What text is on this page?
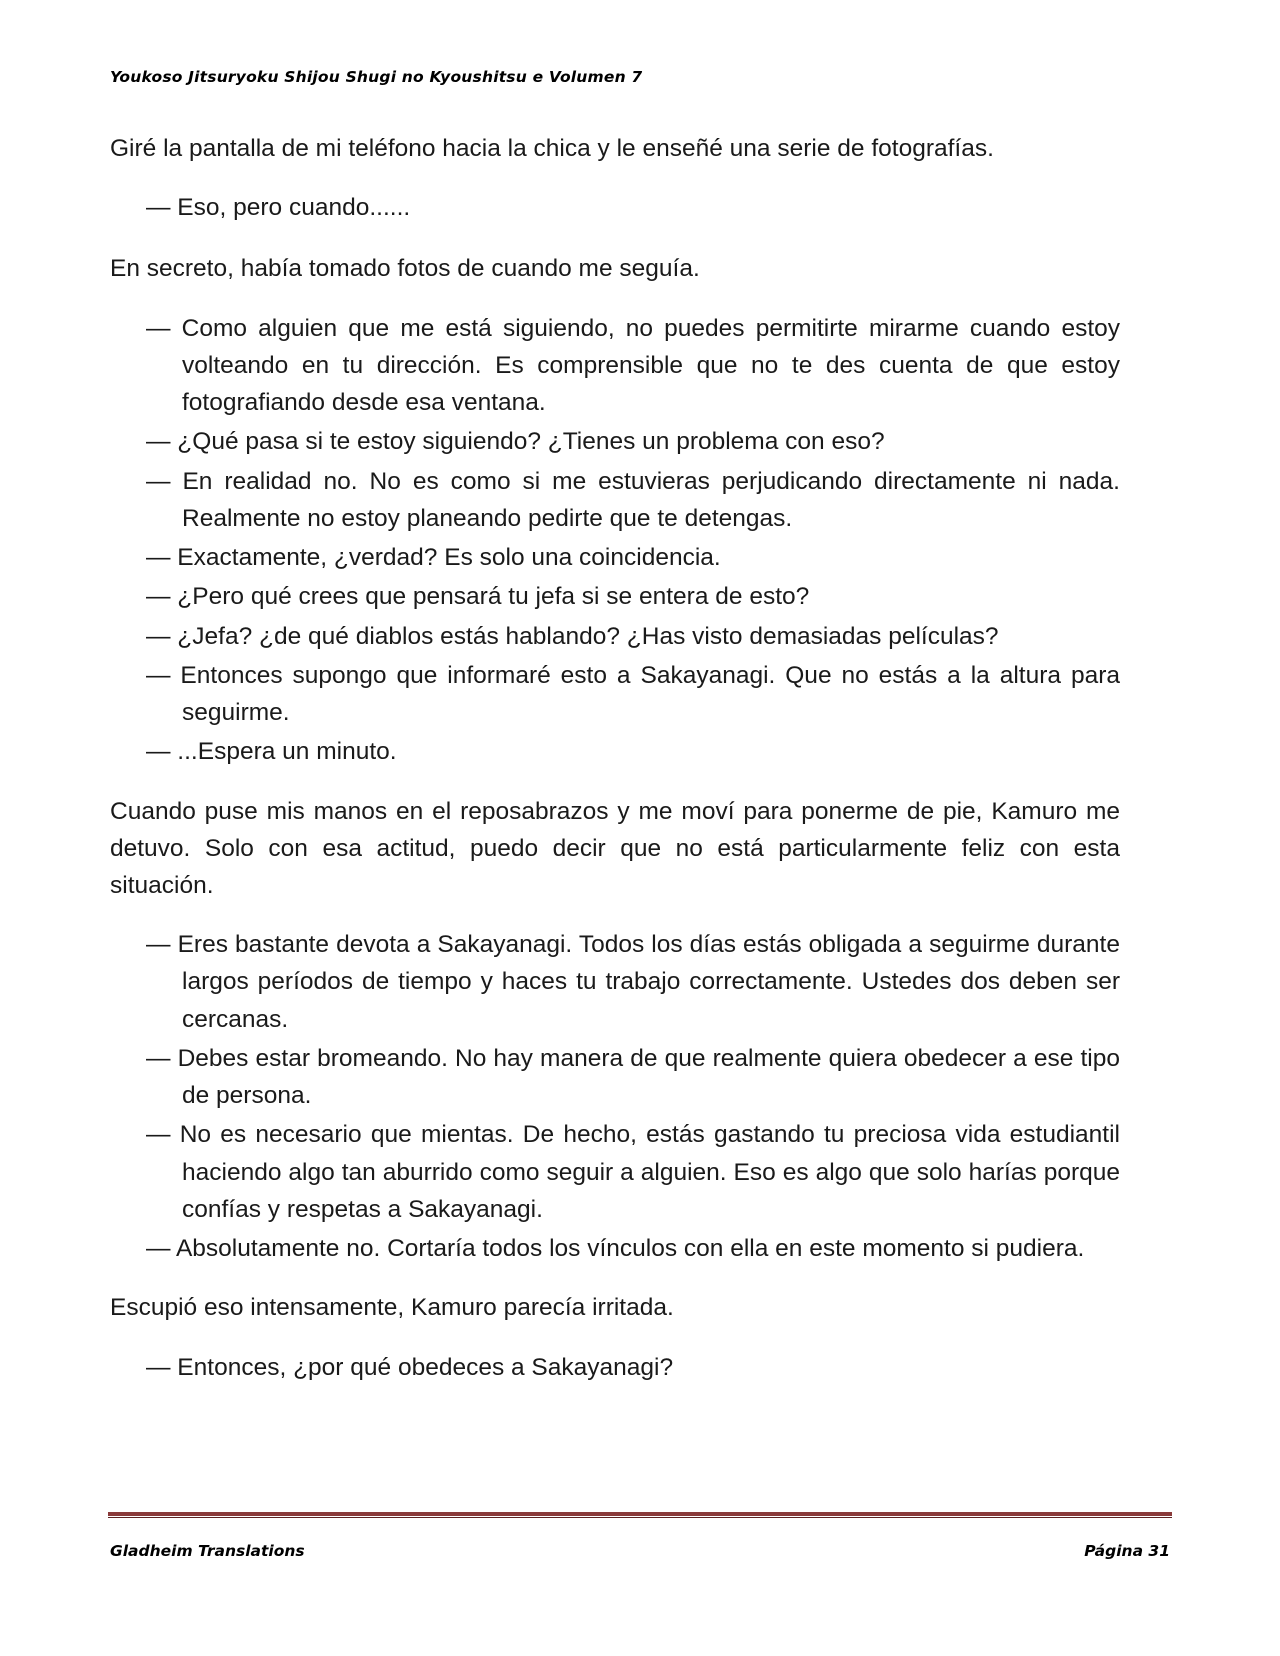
Youkoso Jitsuryoku Shijou Shugi no Kyoushitsu e Volumen 7

Giré la pantalla de mi teléfono hacia la chica y le enseñé una serie de fotografías.

— Eso, pero cuando......

En secreto, había tomado fotos de cuando me seguía.

— Como alguien que me está siguiendo, no puedes permitirte mirarme cuando estoy volteando en tu dirección. Es comprensible que no te des cuenta de que estoy fotografiando desde esa ventana.
— ¿Qué pasa si te estoy siguiendo? ¿Tienes un problema con eso?
— En realidad no. No es como si me estuvieras perjudicando directamente ni nada. Realmente no estoy planeando pedirte que te detengas.
— Exactamente, ¿verdad? Es solo una coincidencia.
— ¿Pero qué crees que pensará tu jefa si se entera de esto?
— ¿Jefa? ¿de qué diablos estás hablando? ¿Has visto demasiadas películas?
— Entonces supongo que informaré esto a Sakayanagi. Que no estás a la altura para seguirme.
— ...Espera un minuto.

Cuando puse mis manos en el reposabrazos y me moví para ponerme de pie, Kamuro me detuvo. Solo con esa actitud, puedo decir que no está particularmente feliz con esta situación.

— Eres bastante devota a Sakayanagi. Todos los días estás obligada a seguirme durante largos períodos de tiempo y haces tu trabajo correctamente. Ustedes dos deben ser cercanas.
— Debes estar bromeando. No hay manera de que realmente quiera obedecer a ese tipo de persona.
— No es necesario que mientas. De hecho, estás gastando tu preciosa vida estudiantil haciendo algo tan aburrido como seguir a alguien. Eso es algo que solo harías porque confías y respetas a Sakayanagi.
— Absolutamente no. Cortaría todos los vínculos con ella en este momento si pudiera.

Escupió eso intensamente, Kamuro parecía irritada.

— Entonces, ¿por qué obedeces a Sakayanagi?
Gladheim Translations	Página 31
